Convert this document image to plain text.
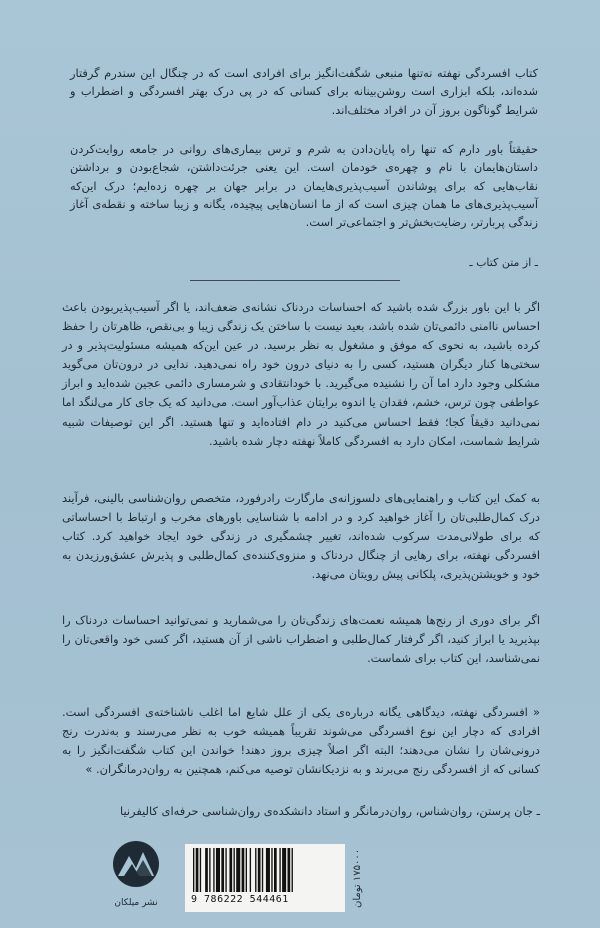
کتاب افسردگی نهفته نه‌تنها منبعی شگفت‌انگیز برای افرادی است که در چنگال این سندرم گرفتار شده‌اند، بلکه ابزاری است روشن‌بینانه برای کسانی که در پی درک بهتر افسردگی و اضطراب و شرایط گوناگون بروز آن در افراد مختلف‌اند.

حقیقتاً باور دارم که تنها راه پایان‌دادن به شرم و ترس بیماری‌های روانی در جامعه روایت‌کردن داستان‌هایمان با نام و چهره‌ی خودمان است. این یعنی جرئت‌داشتن، شجاع‌بودن و برداشتن نقاب‌هایی که برای پوشاندن آسیب‌پذیری‌هایمان در برابر جهان بر چهره زده‌ایم؛ درک این‌که آسیب‌پذیری‌های ما همان چیزی است که از ما انسان‌هایی پیچیده، یگانه و زیبا ساخته و نقطه‌ی آغاز زندگی پربارتر، رضایت‌بخش‌تر و اجتماعی‌تر است.

ـ از متن کتاب ـ

اگر با این باور بزرگ شده باشید که احساسات دردناک نشانه‌ی ضعف‌اند، یا اگر آسیب‌پذیربودن باعث احساس ناامنی دائمی‌تان شده باشد، بعید نیست با ساختن یک زندگی زیبا و بی‌نقص، ظاهرتان را حفظ کرده باشید، به نحوی که موفق و مشغول به نظر برسید. در عین این‌که همیشه مسئولیت‌پذیر و در سختی‌ها کنار دیگران هستید، کسی را به دنیای درون خود راه نمی‌دهید. ندایی در درون‌تان می‌گوید مشکلی وجود دارد اما آن را نشنیده می‌گیرید. با خودانتقادی و شرمساری دائمی عجین شده‌اید و ابراز عواطفی چون ترس، خشم، فقدان یا اندوه برایتان عذاب‌آور است. می‌دانید که یک جای کار می‌لنگد اما نمی‌دانید دقیقاً کجا؛ فقط احساس می‌کنید در دام افتاده‌اید و تنها هستید. اگر این توصیفات شبیه شرایط شماست، امکان دارد به افسردگی کاملاً نهفته دچار شده باشید.

به کمک این کتاب و راهنمایی‌های دلسوزانه‌ی مارگارت رادرفورد، متخصص روان‌شناسی بالینی، فرآیند درک کمال‌طلبی‌تان را آغاز خواهید کرد و در ادامه با شناسایی باورهای مخرب و ارتباط با احساساتی که برای طولانی‌مدت سرکوب شده‌اند، تغییر چشمگیری در زندگی خود ایجاد خواهید کرد. کتاب افسردگی نهفته، برای رهایی از چنگال دردناک و منزوی‌کننده‌ی کمال‌طلبی و پذیرش عشق‌ورزیدن به خود و خویشتن‌پذیری، پلکانی پیش رویتان می‌نهد.

اگر برای دوری از رنج‌ها همیشه نعمت‌های زندگی‌تان را می‌شمارید و نمی‌توانید احساسات دردناک را بپذیرید یا ابراز کنید، اگر گرفتار کمال‌طلبی و اضطراب ناشی از آن هستید، اگر کسی خود واقعی‌تان را نمی‌شناسد، این کتاب برای شماست.

« افسردگی نهفته، دیدگاهی یگانه درباره‌ی یکی از علل شایع اما اغلب ناشناخته‌ی افسردگی است. افرادی که دچار این نوع افسردگی می‌شوند تقریباً همیشه خوب به نظر می‌رسند و به‌ندرت رنج درونی‌شان را نشان می‌دهند؛ البته اگر اصلاً چیزی بروز دهند! خواندن این کتاب شگفت‌انگیز را به کسانی که از افسردگی رنج می‌برند و به نزدیکانشان توصیه می‌کنم، همچنین به روان‌درمانگران. »

ـ جان پرستن، روان‌شناس، روان‌درمانگر و استاد دانشکده‌ی روان‌شناسی حرفه‌ای کالیفرنیا

نشر میلکان	9 786222 544461	۱۷۵۰۰۰ تومان
